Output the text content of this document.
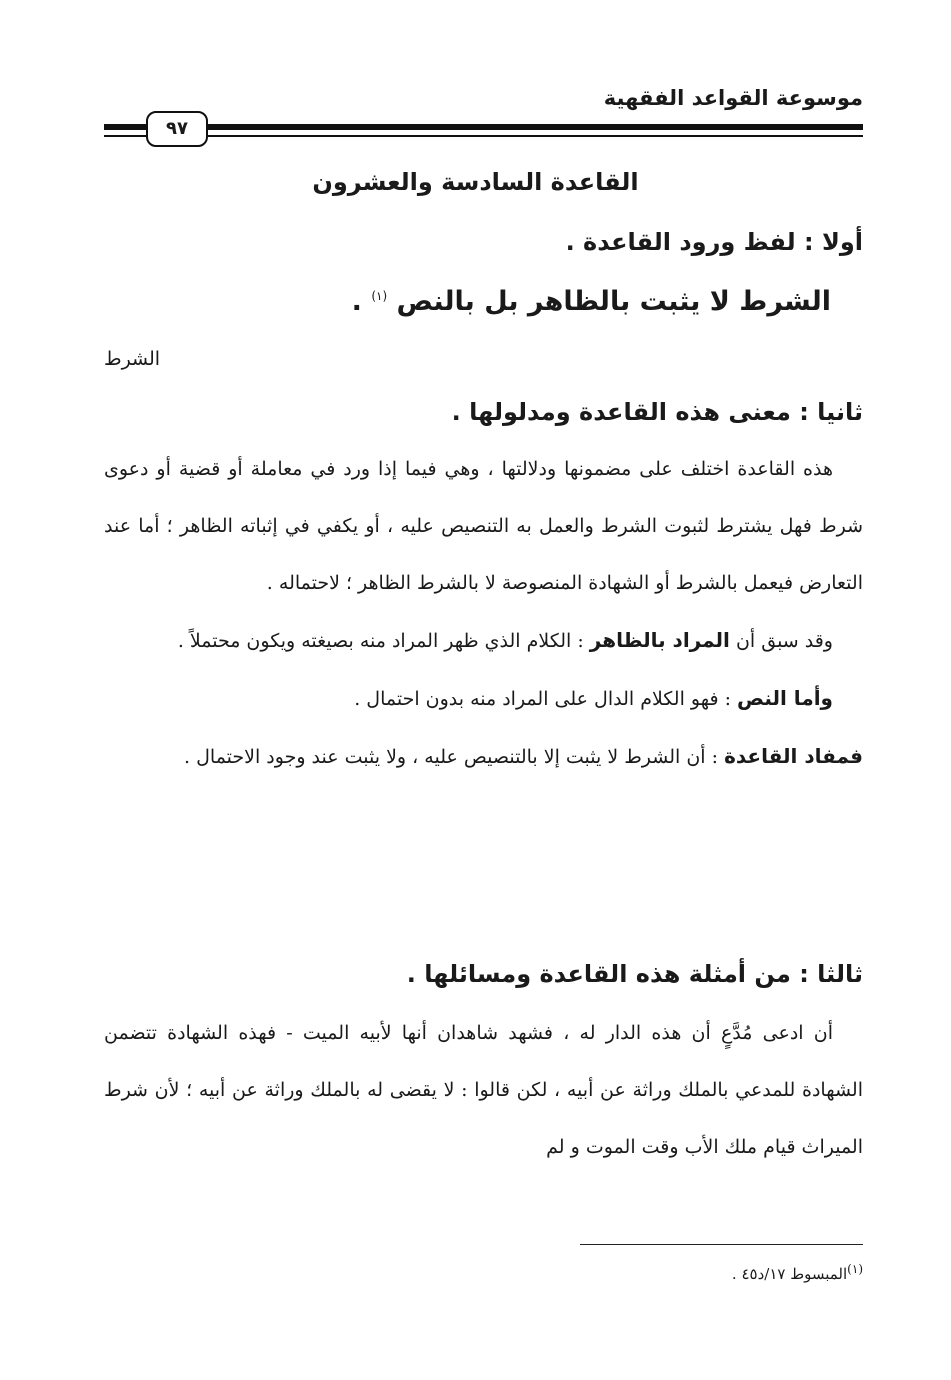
موسوعة القواعد الفقهية
٩٧
القاعدة السادسة والعشرون
أولا : لفظ ورود القاعدة .
الشرط لا يثبت بالظاهر بل بالنص $^{(١)}$ .
الشرط
ثانيا : معنى هذه القاعدة ومدلولها .

هذه القاعدة اختلف على مضمونها ودلالتها ، وهي فيما إذا ورد في معاملة أو قضية أو دعوى شرط فهل يشترط لثبوت الشرط والعمل به التنصيص عليه ، أو يكفي في إثباته الظاهر ؛ أما عند التعارض فيعمل بالشرط أو الشهادة المنصوصة لا بالشرط الظاهر ؛ لاحتماله .

وقد سبق أن المراد بالظاهر : الكلام الذي ظهر المراد منه بصيغته ويكون محتملاً .

وأما النص : فهو الكلام الدال على المراد منه بدون احتمال .

فمفاد القاعدة : أن الشرط لا يثبت إلا بالتنصيص عليه ، ولا يثبت عند وجود الاحتمال .

ثالثا : من أمثلة هذه القاعدة ومسائلها .

أن ادعى مُدَّعٍ أن هذه الدار له ، فشهد شاهدان أنها لأبيه الميت - فهذه الشهادة تتضمن الشهادة للمدعي بالملك وراثة عن أبيه ، لكن قالوا : لا يقضى له بالملك وراثة عن أبيه ؛ لأن شرط الميراث قيام ملك الأب وقت الموت و لم

$^{(١)}$المبسوط ١٧/د٤٥ .
